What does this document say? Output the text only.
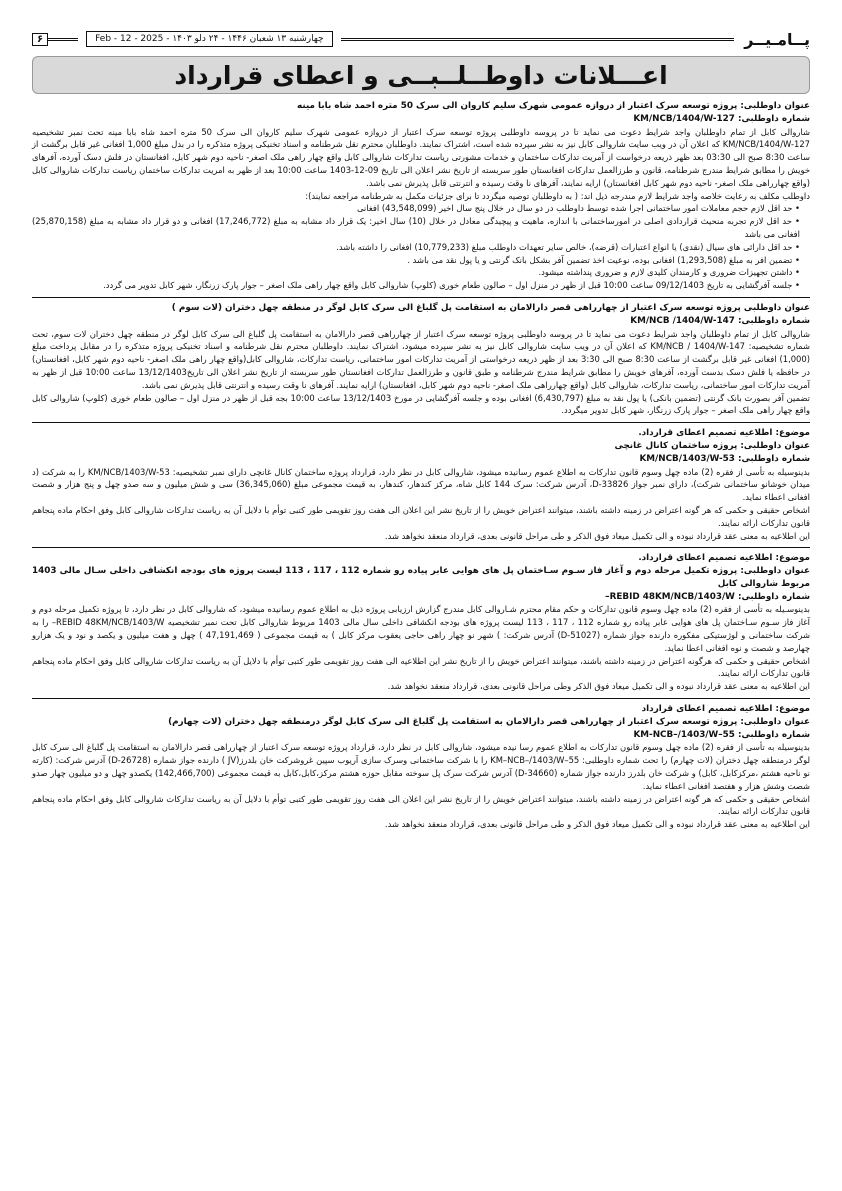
پــامـیــر
چهارشنبه ۱۳ شعبان ۱۴۴۶ - ۲۴ دلو ۱۴۰۳ - Feb - 12 - 2025
۶
اعـــلانات داوطــلــبــی و اعطای قرارداد

عنوان داوطلبی: پروژه توسعه سرک اعتبار از دروازه عمومی شهرک سلیم کاروان الی سرک 50 متره احمد شاه بابا مینه

شماره داوطلبی: KM/NCB/1404/W-127

شاروالی کابل از تمام داوطلبان واجد شرایط دعوت می نماید تا در پروسه داوطلبی پروژه توسعه سرک اعتبار از دروازه عمومی شهرک سلیم کاروان الی سرک 50 متره احمد شاه بابا مینه تحت نمبر تشخیصیه KM/NCB/1404/W-127 که اعلان آن در ویب سایت شاروالی کابل نیز به نشر سپرده شده است، اشتراک نمایند. داوطلبان محترم نقل شرطنامه و اسناد تخنیکی پروژه متذکره را در بدل مبلغ 1,000 افغانی غیر قابل برگشت از ساعت 8:30 صبح الی 03:30 بعد ظهر ذریعه درخواست از آمریت تدارکات ساختمان و خدمات مشورتی ریاست تدارکات شاروالی کابل واقع چهار راهی ملک اصغر- ناحیه دوم شهر کابل، افغانستان در فلش دسک آورده، آفرهای خویش را مطابق شرایط مندرج شرطنامه، قانون و طرزالعمل تدارکات افغانستان طور سربسته از تاریخ نشر اعلان الی تاریخ 09-12-1403 ساعت 10:00 بعد از ظهر به امریت تدارکات ساختمان ریاست تدارکات شاروالی کابل (واقع چهارراهی ملک اصغر- ناحیه دوم شهر کابل افغانستان) ارایه نمایند، آفرهای نا وقت رسیده و انترنتی قابل پذیرش نمی باشد.

داوطلب مکلف به رعایت خلاصه واجد شرایط لازم مندرجه ذیل اند: ( به داوطلبان توصیه میگردد تا برای جزئیات مکمل به شرطنامه مراجعه نمایند):

• حد اقل لازم حجم معاملات امور ساختمانی اجرا شده توسط داوطلب در دو سال در خلال پنج سال اخیر (43,548,099) افغانی
• حد اقل لازم تجربه منحیث قراردادی اصلی در امورساختمانی با اندازه، ماهیت و پیچیدگی معادل در خلال (10) سال اخیر: یک قرار داد مشابه به مبلغ (17,246,772) افغانی و دو قرار داد مشابه به مبلغ (25,870,158) افغانی می باشد
• حد اقل دارائی های سیال (نقدی) یا انواع اعتبارات (قرضه)، خالص سایر تعهدات داوطلب مبلغ (10,779,233) افغانی را داشته باشد.
• تضمین افر به مبلغ (1,293,508) افغانی بوده، نوعیت اخذ تضمین آفر بشکل بانک گرنتی و یا پول نقد می باشد .
• داشتن تجهیزات ضروری و کارمندان کلیدی لازم و ضروری پنداشته میشود.
• جلسه آفرگشایی به تاریخ 09/12/1403 ساعت 10:00 قبل از ظهر در منزل اول – صالون طعام خوری (کلوپ) شاروالی کابل واقع چهار راهی ملک اصغر – جوار پارک زرنگار، شهر کابل تدویر می گردد.

عنوان داوطلبی پروژه توسعه سرک اعتبار از چهارراهی قصر دارالامان به استقامت پل گلباغ الی سرک کابل لوگر در منطقه چهل دختران (لات سوم )

شماره داوطلبی: KM/NCB /1404/W-147

شاروالی کابل از تمام داوطلبان واجد شرایط دعوت می نماید تا در پروسه داوطلبی پروژه توسعه سرک اعتبار از چهارراهی قصر دارالامان به استقامت پل گلباغ الی سرک کابل لوگر در منطقه چهل دختران لات سوم، تحت شماره تشخیصیه: KM/NCB / 1404/W-147 که اعلان آن در ویب سایت شاروالی کابل نیز به نشر سپرده میشود، اشتراک نمایند. داوطلبان محترم نقل شرطنامه و اسناد تخنیکی پروژه متذکره را در مقابل پرداخت مبلغ (1,000) افغانی غیر قابل برگشت از ساعت 8:30 صبح الی 3:30 بعد از ظهر ذریعه درخواستی از آمریت تدارکات امور ساختمانی، ریاست تدارکات، شاروالی کابل(واقع چهار راهی ملک اصغر- ناحیه دوم شهر کابل، افغانستان) در حافظه یا فلش دسک بدست آورده، آفرهای خویش را مطابق شرایط مندرج شرطنامه و طبق قانون و طرزالعمل تدارکات افغانستان طور سربسته از تاریخ نشر اعلان الی تاریخ13/12/1403 ساعت 10:00 قبل از ظهر به آمریت تدارکات امور ساختمانی، ریاست تدارکات، شاروالی کابل (واقع چهارراهی ملک اصغر- ناحیه دوم شهر کابل، افغانستان) ارایه نمایند. آفرهای نا وقت رسیده و انترنتی قابل پذیرش نمی باشد.

تضمین آفر بصورت بانک گرنتی (تضمین بانکی) یا پول نقد به مبلغ (6,430,797) افغانی بوده و جلسه آفرگشایی در مورخ 13/12/1403 ساعت 10:00 بجه قبل از ظهر در منزل اول – صالون طعام خوری (کلوپ) شاروالی کابل واقع چهار راهی ملک اصغر – جوار پارک زرنگار، شهر کابل تدویر میگردد.

موضوع: اطلاعیه تصمیم اعطای قرارداد.

عنوان داوطلبی: پروژه ساختمان کانال غانچی

شماره داوطلبی: KM/NCB/1403/W-53

بدینوسیله به تأسی از فقره (2) ماده چهل وسوم قانون تدارکات به اطلاع عموم رسانیده میشود، شاروالی کابل در نظر دارد، قرارداد پروژه ساختمان کانال غانچی دارای نمبر تشخیصیه: KM/NCB/1403/W-53 را به شرکت (د میدان خوشانو ساختمانی شرکت)، دارای نمبر جواز D-33826، آدرس شرکت: سرک 144 کابل شاه، مرکز کندهار، کندهار، به قیمت مجموعی مبلغ (36,345,060) سی و شش میلیون و سه صدو چهل و پنج هزار و شصت افغانی اعطاء نماید.

اشخاص حقیقی و حکمی که هر گونه اعتراض در زمینه داشته باشند، میتوانند اعتراض خویش را از تاریخ نشر این اعلان الی هفت روز تقویمی طور کتبی توأم با دلایل آن به ریاست تدارکات شاروالی کابل وفق احکام ماده پنجاهم قانون تدارکات ارائه نمایند.

این اطلاعیه به معنی عقد قرارداد نبوده و الی تکمیل میعاد فوق الذکر و طی مراحل قانونی بعدی، قرارداد منعقد نخواهد شد.

موضوع: اطلاعیه تصمیم اعطای قرارداد.

عنوان داوطلبی: پروژه تکمیل مرحله دوم و آغاز فاز سـوم سـاختمان پل های هوایی عابر پیاده رو شماره 112 ، 117 ، 113 لیست پروژه های بودجه انکشافی داخلی سـال مالی 1403 مربوط شاروالی کابل

شماره داوطلبی: REBID 48KM/NCB/1403/W–

بدینوسـیله به تأسی از فقره (2) ماده چهل وسوم قانون تدارکات و حکم مقام محترم شـاروالی کابل مندرج گزارش ارزیابی پروژه ذیل به اطلاع عموم رسانیده میشود، که شاروالی کابل در نظر دارد، تا پروژه تکمیل مرحله دوم و آغاز فاز سـوم سـاختمان پل های هوایی عابر پیاده رو شماره 112 ، 117 ، 113 لیست پروژه های بودجه انکشافی داخلی سال مالی 1403 مربوط شاروالی کابل تحت نمبر تشخیصیه REBID 48KM/NCB/1403/W– را به شرکت ساختمانی و لوژستیکی مفکوره دارنده جواز شماره (D-51027) آدرس شرکت: ) شهر نو چهار راهی حاجی یعقوب مرکز کابل ) به قیمت مجموعی ( 47,191,469 ) چهل و هفت میلیون و یکصد و نود و یک هزارو چهارصد و شصت و نوه افغانی اعطا نماید.

اشخاص حقیقی و حکمی که هرگونه اعتراض در زمینه داشته باشند، میتوانند اعتراض خویش را از تاریخ نشر این اطلاعیه الی هفت روز تقویمی طور کتبی توأم با دلایل آن به ریاست تدارکات شاروالی کابل وفق احکام ماده پنجاهم قانون تدارکات ارائه نمایند.

این اطلاعیه به معنی عقد قرارداد نبوده و الی تکمیل میعاد فوق الذکر وطی مراحل قانونی بعدی، قرارداد منعقد نخواهد شد.

موضوع: اطلاعیه تصمیم اعطای قرارداد

عنوان داوطلبی: پروژه توسعه سرک اعتبار از چهارراهی قصر دارالامان به استقامت پل گلباغ الی سرک کابل لوگر درمنطقه چهل دختران (لات چهارم)

شماره داوطلبی: KM-NCB–/1403/W–55

بدینوسیله به تأسی از فقره (2) ماده چهل وسوم قانون تدارکات به اطلاع عموم رسا نیده میشود، شاروالی کابل در نظر دارد، قرارداد پروژه توسعه سرک اعتبار از چهارراهی قصر دارالامان به استقامت پل گلباغ الی سرک کابل لوگر درمنطقه چهل دختران (لات چهارم) را تحت شماره داوطلبی: KM–NCB–/1403/W–55 را با شرکت ساختمانی وسرک سازی آریوب سپین غروشرکت خان بلدرز(JV ) دارنده جواز شماره (D-26728) آدرس شرکت: (کارته نو ناحیه هشتم ،مرکزکابل، کابل) و شرکت خان بلدرز دارنده جواز شماره (D-34660) آدرس شرکت سرک پل سوخته مقابل حوزه هشتم مرکز،کابل،کابل به قیمت مجموعی (142,466,700) یکصدو چهل و دو میلیون چهار صدو شصت وشش هزار و هفتصد افغانی اعطاء نماید.

اشخاص حقیقی و حکمی که هر گونه اعتراض در زمینه داشته باشند، میتوانند اعتراض خویش را از تاریخ نشر این اعلان الی هفت روز تقویمی طور کتبی توأم با دلایل آن به ریاست تدارکات شاروالی کابل وفق احکام ماده پنجاهم قانون تدارکات ارائه نمایند.

این اطلاعیه به معنی عقد قرارداد نبوده و الی تکمیل میعاد فوق الذکر و طی مراحل قانونی بعدی، قرارداد منعقد نخواهد شد.
